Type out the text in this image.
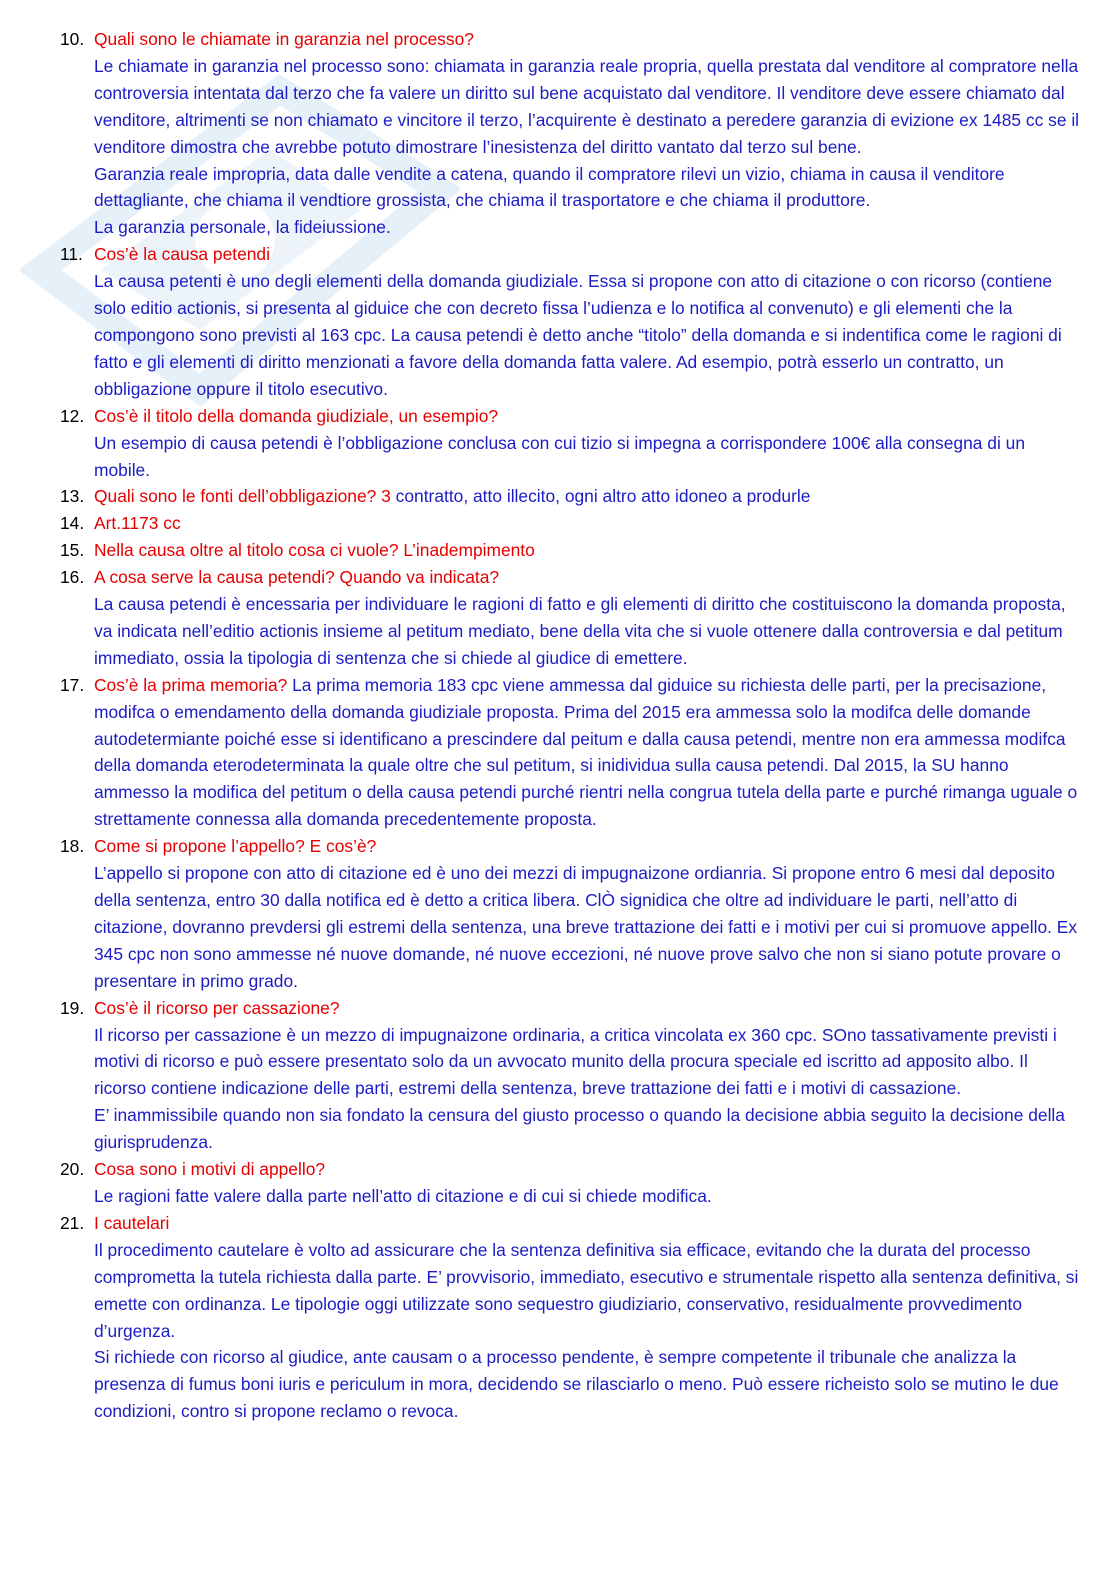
10. Quali sono le chiamate in garanzia nel processo?

Le chiamate in garanzia nel processo sono: chiamata in garanzia reale propria, quella prestata dal venditore al compratore nella controversia intentata dal terzo che fa valere un diritto sul bene acquistato dal venditore. Il venditore deve essere chiamato dal venditore, altrimenti se non chiamato e vincitore il terzo, l’acquirente è destinato a peredere garanzia di evizione ex 1485 cc se il venditore dimostra che avrebbe potuto dimostrare l’inesistenza del diritto vantato dal terzo sul bene.

Garanzia reale impropria, data dalle vendite a catena, quando il compratore rilevi un vizio, chiama in causa il venditore dettagliante, che chiama il vendtiore grossista, che chiama il trasportatore e che chiama il produttore.

La garanzia personale, la fideiussione.

11. Cos’è la causa petendi

La causa petenti è uno degli elementi della domanda giudiziale. Essa si propone con atto di citazione o con ricorso (contiene solo editio actionis, si presenta al giduice che con decreto fissa l’udienza e lo notifica al convenuto) e gli elementi che la compongono sono previsti al 163 cpc. La causa petendi è detto anche “titolo” della domanda e si indentifica come le ragioni di fatto e gli elementi di diritto menzionati a favore della domanda fatta valere. Ad esempio, potrà esserlo un contratto, un obbligazione oppure il titolo esecutivo.

12. Cos’è il titolo della domanda giudiziale, un esempio?

Un esempio di causa petendi è l’obbligazione conclusa con cui tizio si impegna a corrispondere 100€ alla consegna di un mobile.

13. Quali sono le fonti dell’obbligazione? 3 contratto, atto illecito, ogni altro atto idoneo a produrle
14. Art.1173 cc
15. Nella causa oltre al titolo cosa ci vuole? L’inadempimento
16. A cosa serve la causa petendi? Quando va indicata?

La causa petendi è encessaria per individuare le ragioni di fatto e gli elementi di diritto che costituiscono la domanda proposta, va indicata nell’editio actionis insieme al petitum mediato, bene della vita che si vuole ottenere dalla controversia e dal petitum immediato, ossia la tipologia di sentenza che si chiede al giudice di emettere.

17. Cos’è la prima memoria? La prima memoria 183 cpc viene ammessa dal giduice su richiesta delle parti, per la precisazione, modifca o emendamento della domanda giudiziale proposta. Prima del 2015 era ammessa solo la modifca delle domande autodetermiante poiché esse si identificano a prescindere dal peitum e dalla causa petendi, mentre non era ammessa modifca della domanda eterodeterminata la quale oltre che sul petitum, si inidividua sulla causa petendi. Dal 2015, la SU hanno ammesso la modifica del petitum o della causa petendi purché rientri nella congrua tutela della parte e purché rimanga uguale o strettamente connessa alla domanda precedentemente proposta.
18. Come si propone l’appello? E cos’è?

L’appello si propone con atto di citazione ed è uno dei mezzi di impugnaizone ordianria. Si propone entro 6 mesi dal deposito della sentenza, entro 30 dalla notifica ed è detto a critica libera. ClÒ signidica che oltre ad individuare le parti, nell’atto di citazione, dovranno prevdersi gli estremi della sentenza, una breve trattazione dei fatti e i motivi per cui si promuove appello. Ex 345 cpc non sono ammesse né nuove domande, né nuove eccezioni, né nuove prove salvo che non si siano potute provare o presentare in primo grado.

19. Cos’è il ricorso per cassazione?

Il ricorso per cassazione è un mezzo di impugnaizone ordinaria, a critica vincolata ex 360 cpc. SOno tassativamente previsti i motivi di ricorso e può essere presentato solo da un avvocato munito della procura speciale ed iscritto ad apposito albo. Il ricorso contiene indicazione delle parti, estremi della sentenza, breve trattazione dei fatti e i motivi di cassazione.

E’ inammissibile quando non sia fondato la censura del giusto processo o quando la decisione abbia seguito la decisione della giurisprudenza.

20. Cosa sono i motivi di appello?

Le ragioni fatte valere dalla parte nell’atto di citazione e di cui si chiede modifica.

21. I cautelari

Il procedimento cautelare è volto ad assicurare che la sentenza definitiva sia efficace, evitando che la durata del processo comprometta la tutela richiesta dalla parte. E’ provvisorio, immediato, esecutivo e strumentale rispetto alla sentenza definitiva, si emette con ordinanza. Le tipologie oggi utilizzate sono sequestro giudiziario, conservativo, residualmente provvedimento d’urgenza.

Si richiede con ricorso al giudice, ante causam o a processo pendente, è sempre competente il tribunale che analizza la presenza di fumus boni iuris e periculum in mora, decidendo se rilasciarlo o meno. Può essere richeisto solo se mutino le due condizioni, contro si propone reclamo o revoca.
